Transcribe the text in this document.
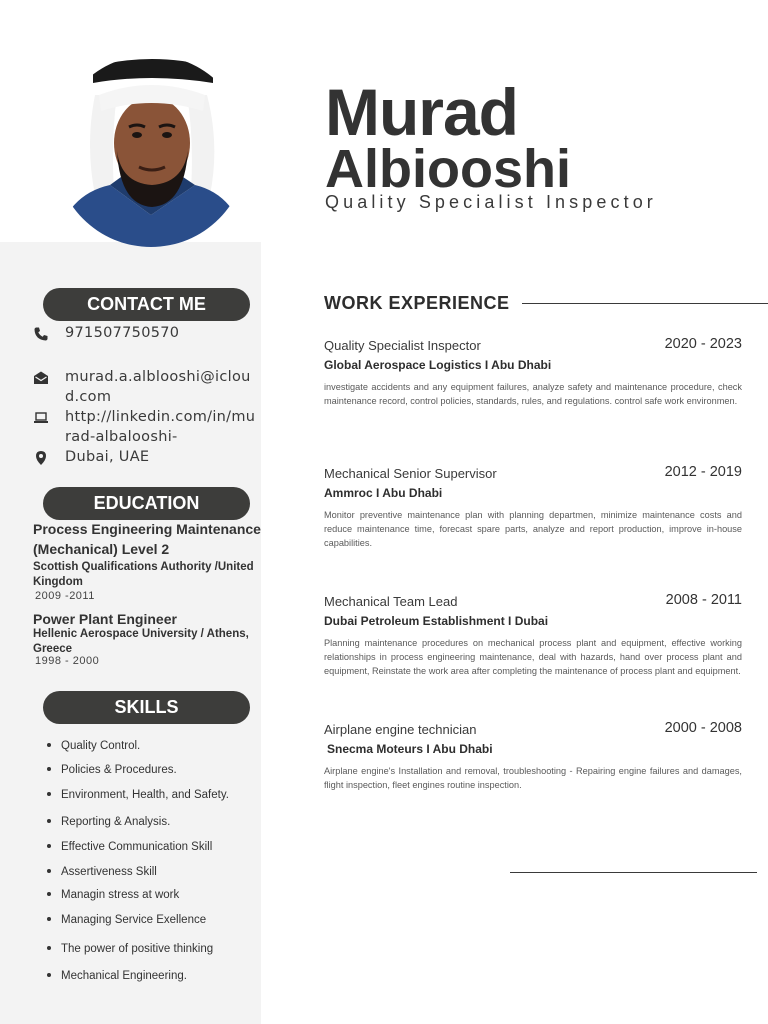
Murad
Albiooshi

Quality Specialist Inspector

CONTACT ME

971507750570

murad.a.alblooshi@icloud.com

http://linkedin.com/in/murad-albalooshi-

Dubai, UAE

EDUCATION

Process Engineering Maintenance (Mechanical) Level 2

Scottish Qualifications Authority /United Kingdom

2009 -2011

Power Plant Engineer

Hellenic Aerospace University / Athens, Greece

1998 - 2000

SKILLS
Quality Control.
Policies & Procedures.
Environment, Health, and Safety.
Reporting & Analysis.
Effective Communication Skill
Assertiveness Skill
Managin stress at work
Managing Service Exellence
The power of positive thinking
Mechanical Engineering.
WORK EXPERIENCE

Quality Specialist Inspector	2020 - 2023

Global Aerospace Logistics I Abu Dhabi

investigate accidents and any equipment failures, analyze safety and maintenance procedure, check maintenance record, control policies, standards, rules, and regulations. control safe work environmen.

Mechanical Senior Supervisor	2012 - 2019

Ammroc I Abu Dhabi

Monitor preventive maintenance plan with planning departmen, minimize maintenance costs and reduce maintenance time, forecast spare parts, analyze and report production, improve in-house capabilities.

Mechanical Team Lead	2008 - 2011

Dubai Petroleum Establishment I Dubai

Planning maintenance procedures on mechanical process plant and equipment, effective working relationships in process engineering maintenance, deal with hazards, hand over process plant and equipment, Reinstate the work area after completing the maintenance of process plant and equipment.

Airplane engine technician	2000 - 2008

Snecma Moteurs I Abu Dhabi

Airplane engine's Installation and removal, troubleshooting - Repairing engine failures and damages, flight inspection, fleet engines routine inspection.
